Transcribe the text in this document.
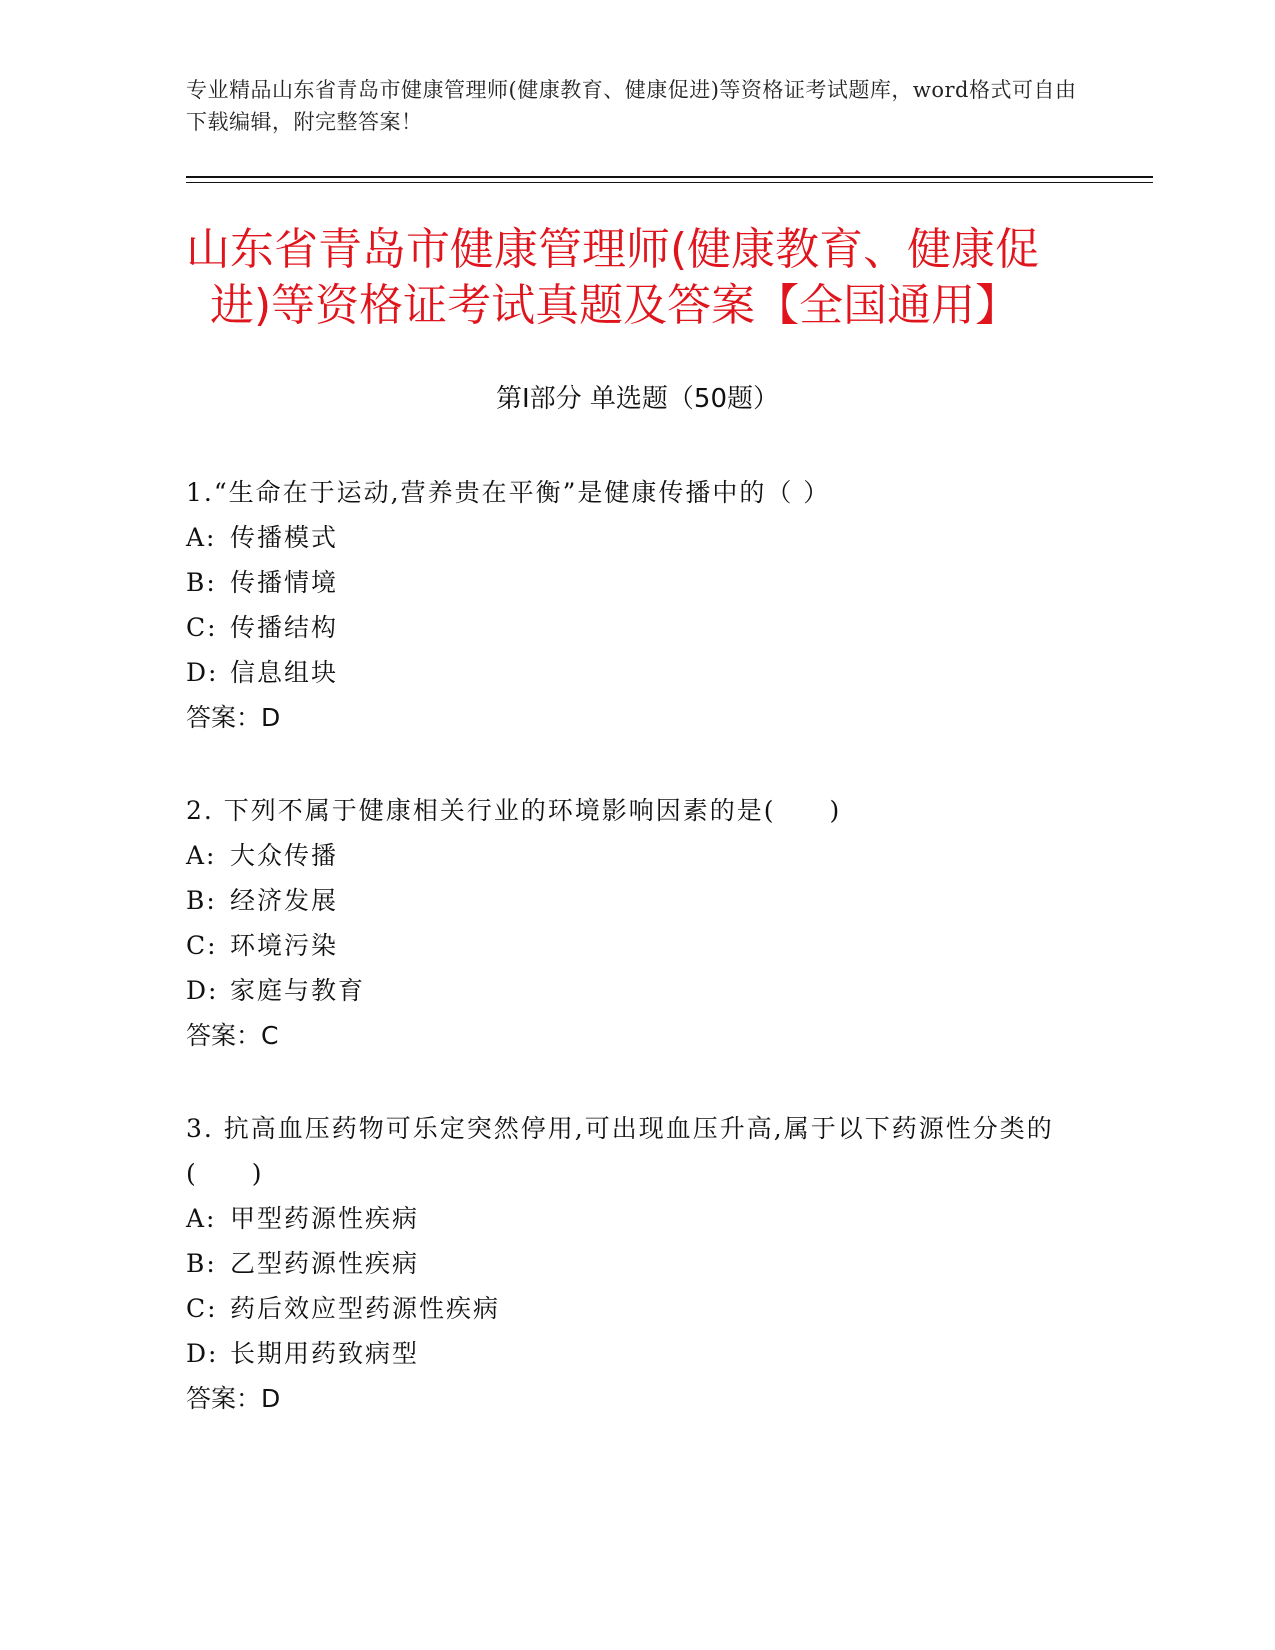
专业精品山东省青岛市健康管理师(健康教育、健康促进)等资格证考试题库，word格式可自由下载编辑，附完整答案！
山东省青岛市健康管理师(健康教育、健康促
进)等资格证考试真题及答案【全国通用】
第Ⅰ部分 单选题（50题）

1.“生命在于运动,营养贵在平衡”是健康传播中的（ ）

A: 传播模式

B: 传播情境

C: 传播结构

D: 信息组块

答案：D

2. 下列不属于健康相关行业的环境影响因素的是(　　)

A: 大众传播

B: 经济发展

C: 环境污染

D: 家庭与教育

答案：C

3. 抗高血压药物可乐定突然停用,可出现血压升高,属于以下药源性分类的(　　)

A: 甲型药源性疾病

B: 乙型药源性疾病

C: 药后效应型药源性疾病

D: 长期用药致病型

答案：D
